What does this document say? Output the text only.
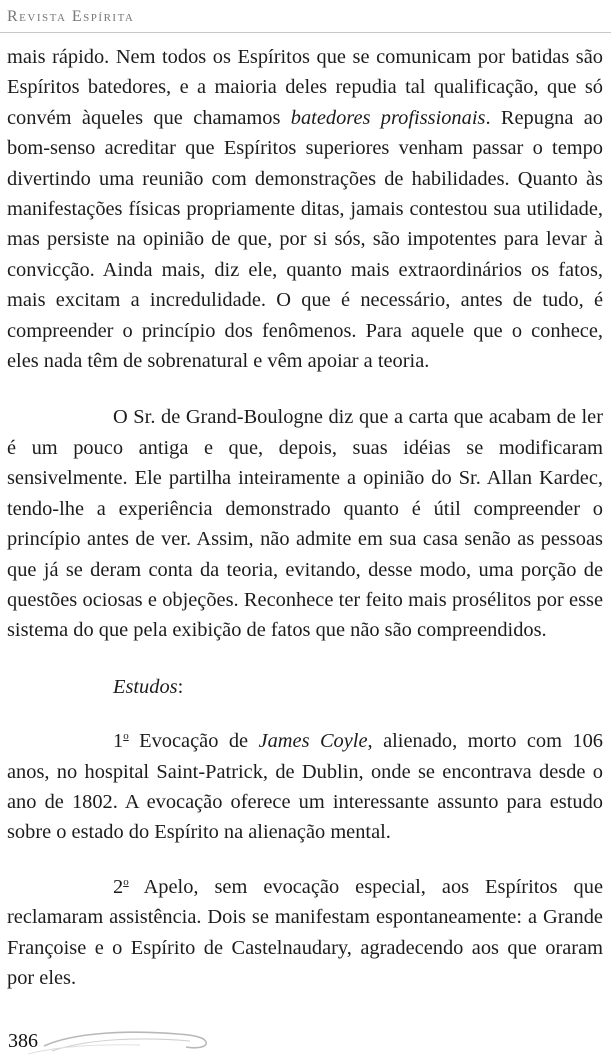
Revista Espírita

mais rápido. Nem todos os Espíritos que se comunicam por batidas são Espíritos batedores, e a maioria deles repudia tal qualificação, que só convém àqueles que chamamos batedores profissionais. Repugna ao bom-senso acreditar que Espíritos superiores venham passar o tempo divertindo uma reunião com demonstrações de habilidades. Quanto às manifestações físicas propriamente ditas, jamais contestou sua utilidade, mas persiste na opinião de que, por si sós, são impotentes para levar à convicção. Ainda mais, diz ele, quanto mais extraordinários os fatos, mais excitam a incredulidade. O que é necessário, antes de tudo, é compreender o princípio dos fenômenos. Para aquele que o conhece, eles nada têm de sobrenatural e vêm apoiar a teoria.

O Sr. de Grand-Boulogne diz que a carta que acabam de ler é um pouco antiga e que, depois, suas idéias se modificaram sensivelmente. Ele partilha inteiramente a opinião do Sr. Allan Kardec, tendo-lhe a experiência demonstrado quanto é útil compreender o princípio antes de ver. Assim, não admite em sua casa senão as pessoas que já se deram conta da teoria, evitando, desse modo, uma porção de questões ociosas e objeções. Reconhece ter feito mais prosélitos por esse sistema do que pela exibição de fatos que não são compreendidos.

Estudos:

1$^o$ Evocação de James Coyle, alienado, morto com 106 anos, no hospital Saint-Patrick, de Dublin, onde se encontrava desde o ano de 1802. A evocação oferece um interessante assunto para estudo sobre o estado do Espírito na alienação mental.

2$^o$ Apelo, sem evocação especial, aos Espíritos que reclamaram assistência. Dois se manifestam espontaneamente: a Grande Françoise e o Espírito de Castelnaudary, agradecendo aos que oraram por eles.

386
